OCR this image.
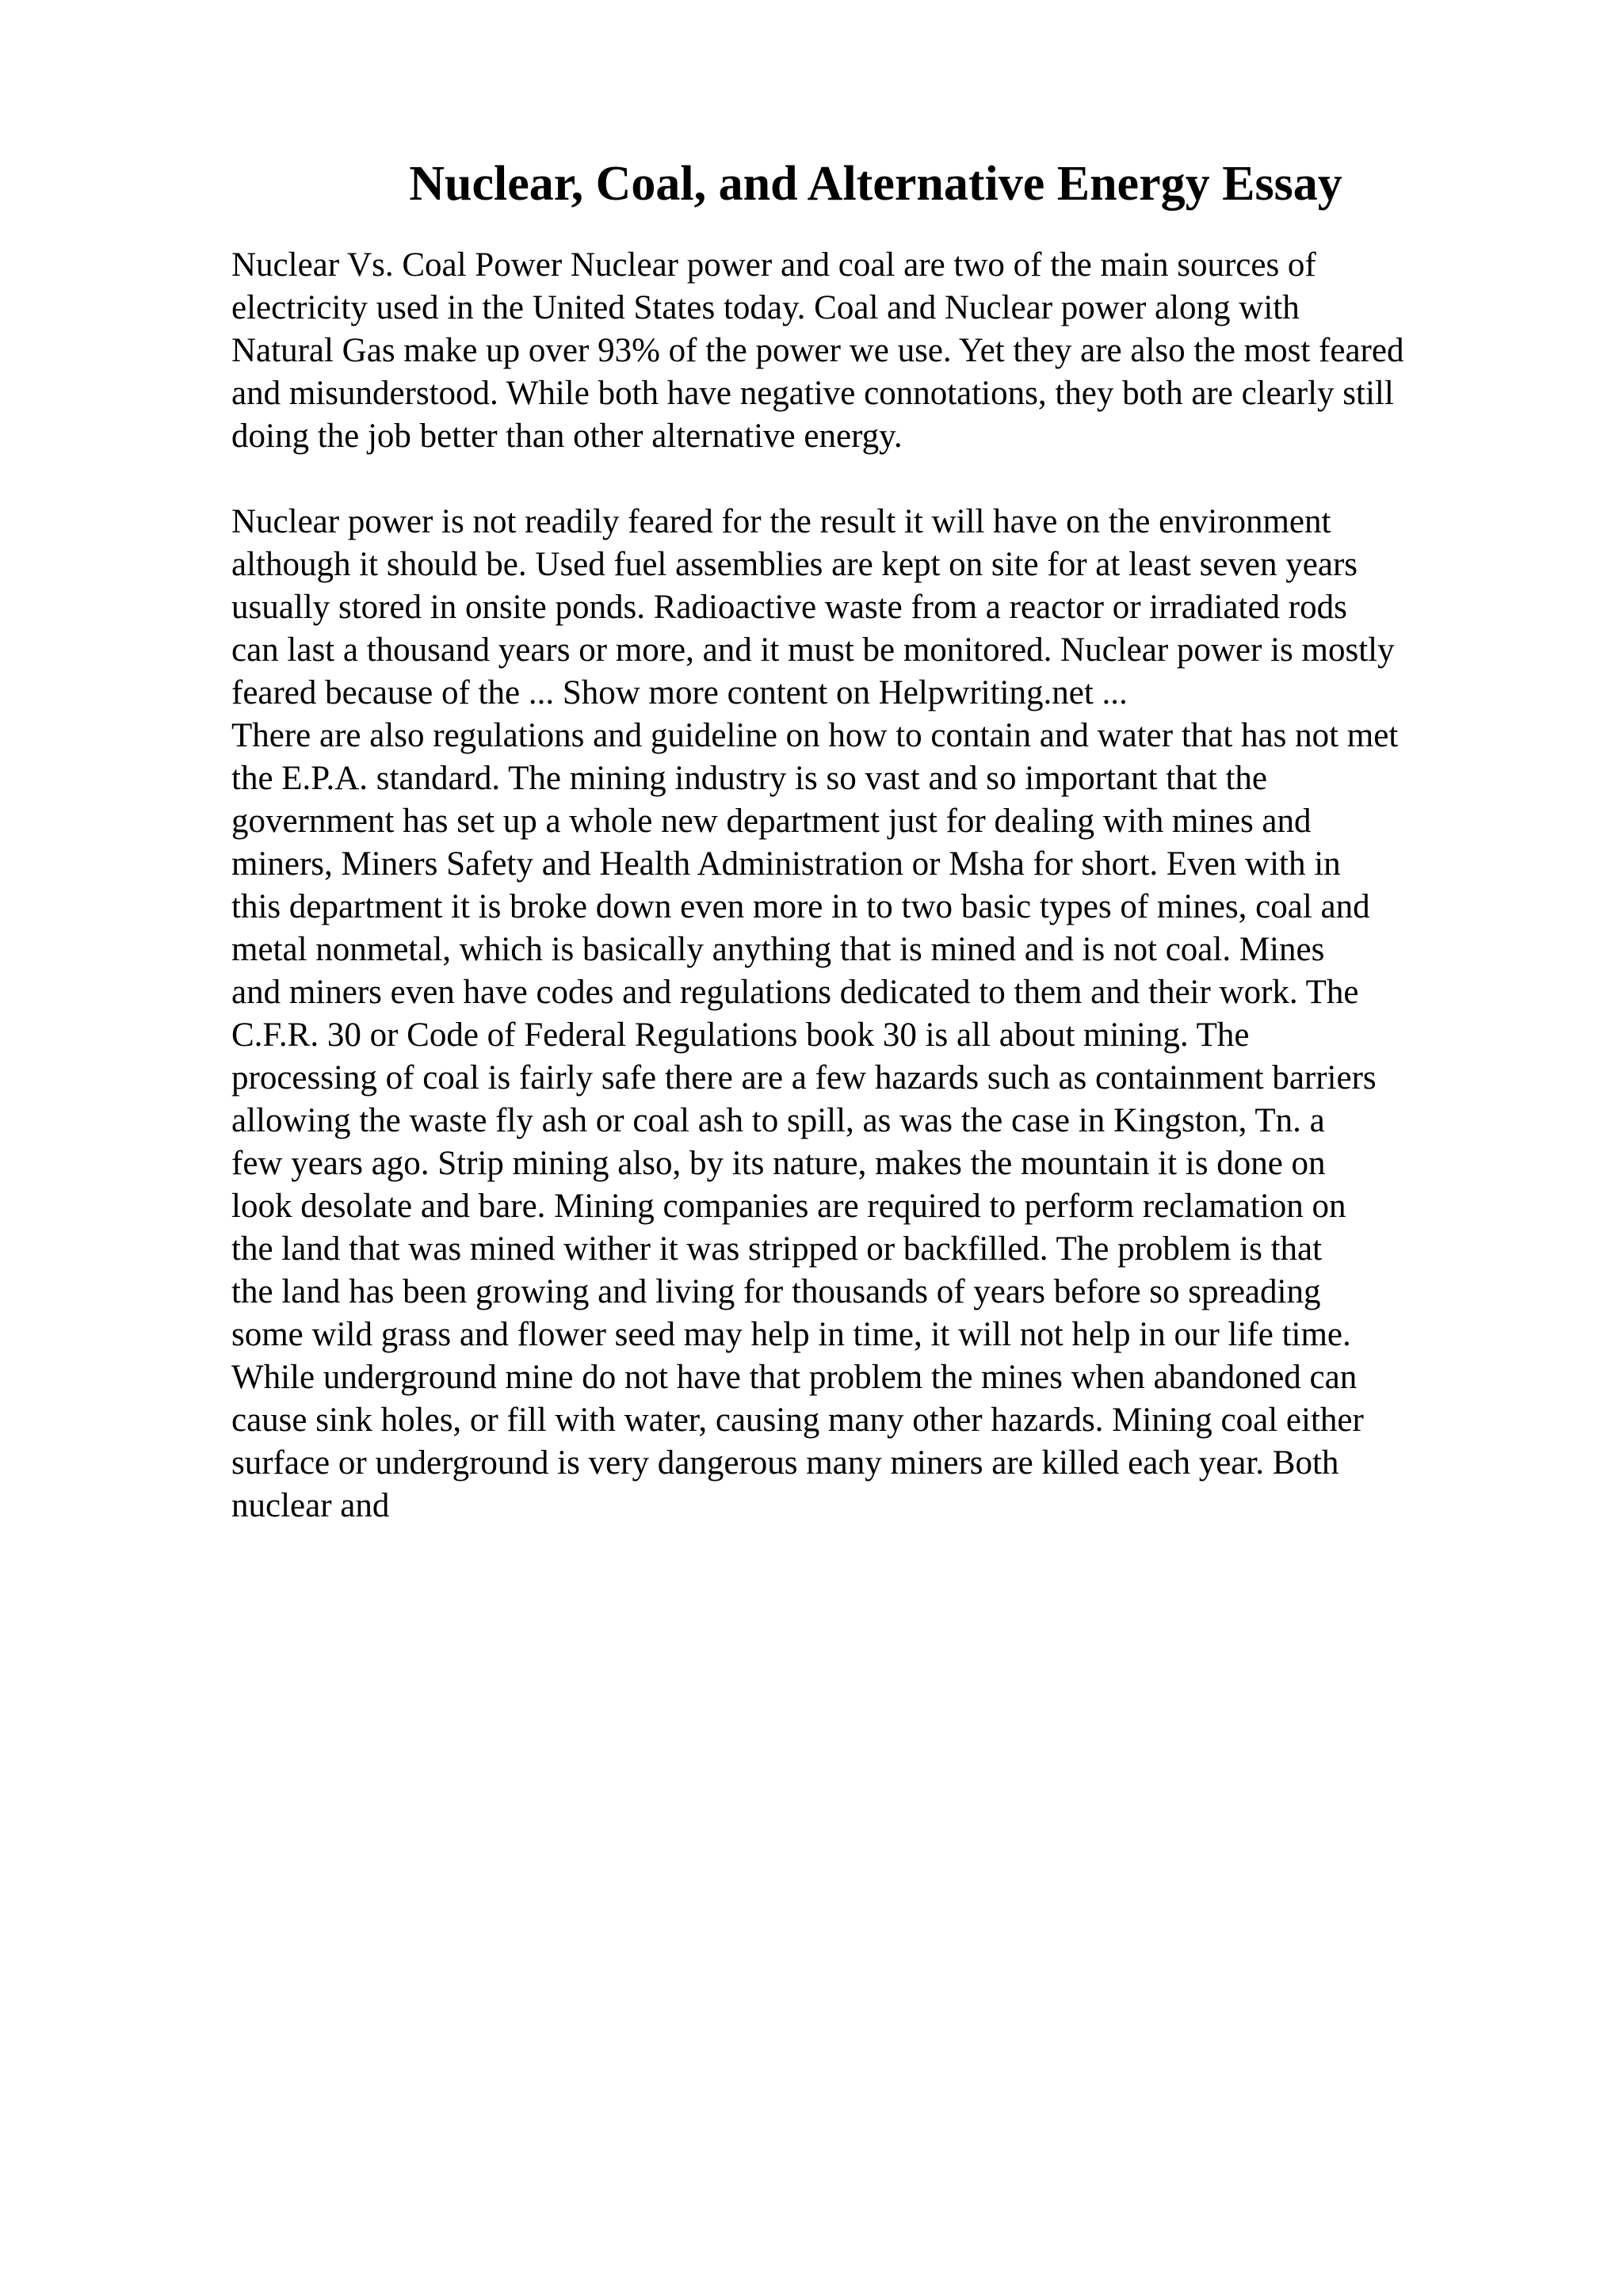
Nuclear, Coal, and Alternative Energy Essay
Nuclear Vs. Coal Power Nuclear power and coal are two of the main sources of
electricity used in the United States today. Coal and Nuclear power along with
Natural Gas make up over 93% of the power we use. Yet they are also the most feared
and misunderstood. While both have negative connotations, they both are clearly still
doing the job better than other alternative energy.
Nuclear power is not readily feared for the result it will have on the environment
although it should be. Used fuel assemblies are kept on site for at least seven years
usually stored in onsite ponds. Radioactive waste from a reactor or irradiated rods
can last a thousand years or more, and it must be monitored. Nuclear power is mostly
feared because of the ... Show more content on Helpwriting.net ...
There are also regulations and guideline on how to contain and water that has not met
the E.P.A. standard. The mining industry is so vast and so important that the
government has set up a whole new department just for dealing with mines and
miners, Miners Safety and Health Administration or Msha for short. Even with in
this department it is broke down even more in to two basic types of mines, coal and
metal nonmetal, which is basically anything that is mined and is not coal. Mines
and miners even have codes and regulations dedicated to them and their work. The
C.F.R. 30 or Code of Federal Regulations book 30 is all about mining. The
processing of coal is fairly safe there are a few hazards such as containment barriers
allowing the waste fly ash or coal ash to spill, as was the case in Kingston, Tn. a
few years ago. Strip mining also, by its nature, makes the mountain it is done on
look desolate and bare. Mining companies are required to perform reclamation on
the land that was mined wither it was stripped or backfilled. The problem is that
the land has been growing and living for thousands of years before so spreading
some wild grass and flower seed may help in time, it will not help in our life time.
While underground mine do not have that problem the mines when abandoned can
cause sink holes, or fill with water, causing many other hazards. Mining coal either
surface or underground is very dangerous many miners are killed each year. Both
nuclear and
